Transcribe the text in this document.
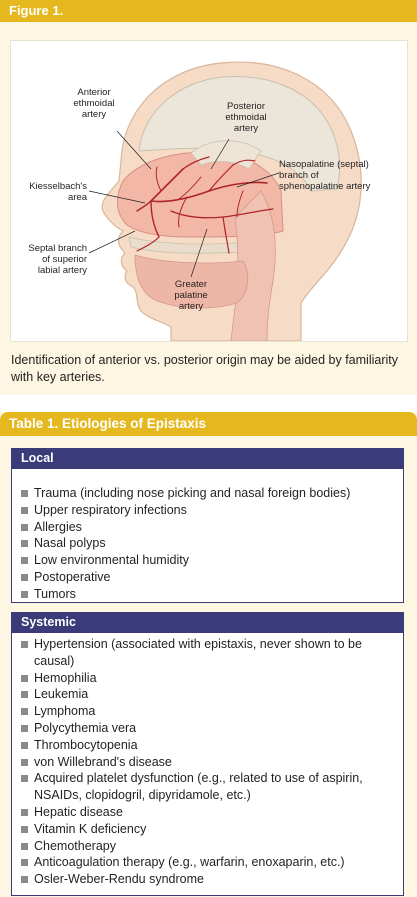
Figure 1.
Anterior
ethmoidal
artery
Posterior
ethmoidal
artery
Nasopalatine (septal)
branch of
sphenopalatine artery
Kiesselbach's
area
Septal branch
of superior
labial artery
Greater
palatine
artery
Identification of anterior vs. posterior origin may be aided by familiarity with key arteries.
Table 1. Etiologies of Epistaxis
Local
Trauma (including nose picking and nasal foreign bodies)
Upper respiratory infections
Allergies
Nasal polyps
Low environmental humidity
Postoperative
Tumors
Systemic
Hypertension (associated with epistaxis, never shown to be causal)
Hemophilia
Leukemia
Lymphoma
Polycythemia vera
Thrombocytopenia
von Willebrand's disease
Acquired platelet dysfunction (e.g., related to use of aspirin, NSAIDs, clopidogril, dipyridamole, etc.)
Hepatic disease
Vitamin K deficiency
Chemotherapy
Anticoagulation therapy (e.g., warfarin, enoxaparin, etc.)
Osler-Weber-Rendu syndrome
